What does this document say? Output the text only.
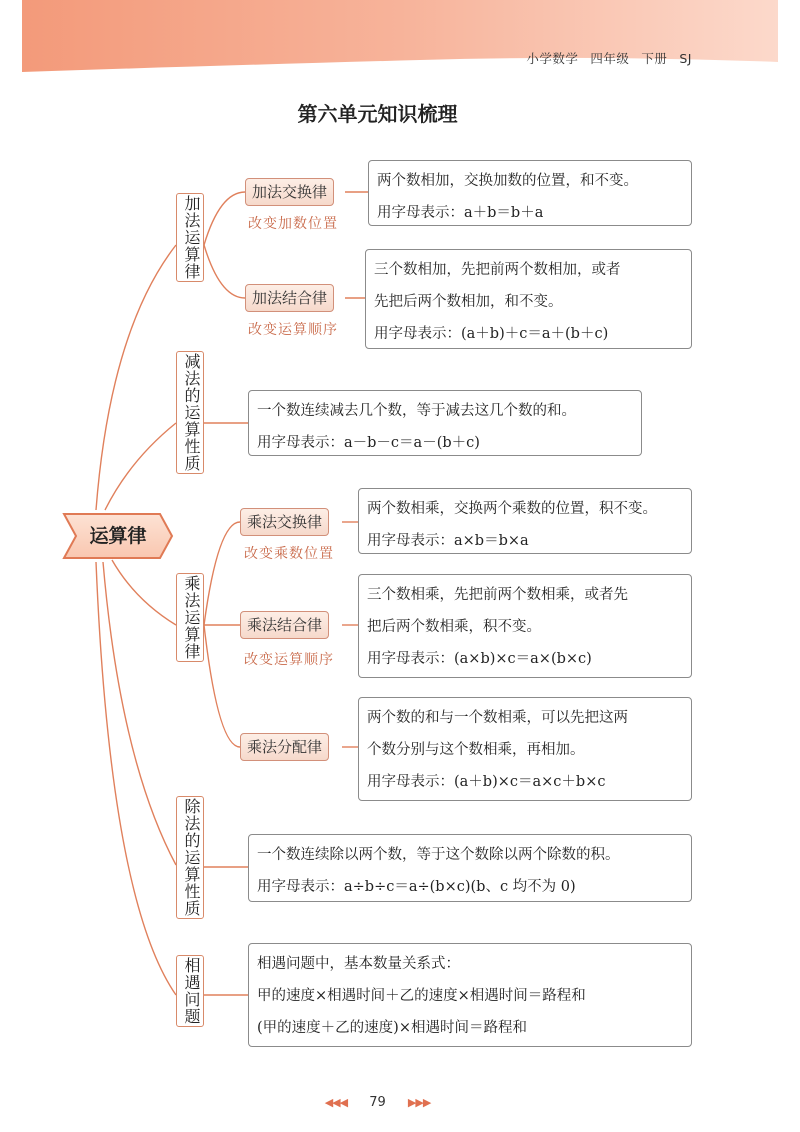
小学数学 四年级 下册 SJ
第六单元知识梳理
运算律
加法运算律
减法的运算性质
乘法运算律
除法的运算性质
相遇问题
加法交换律
改变加数位置
加法结合律
改变运算顺序
乘法交换律
改变乘数位置
乘法结合律
改变运算顺序
乘法分配律
两个数相加，交换加数的位置，和不变。
用字母表示：a＋b＝b＋a
三个数相加，先把前两个数相加，或者
先把后两个数相加，和不变。
用字母表示：(a＋b)＋c＝a＋(b＋c)
一个数连续减去几个数，等于减去这几个数的和。
用字母表示：a－b－c＝a－(b＋c)
两个数相乘，交换两个乘数的位置，积不变。
用字母表示：a×b＝b×a
三个数相乘，先把前两个数相乘，或者先
把后两个数相乘，积不变。
用字母表示：(a×b)×c＝a×(b×c)
两个数的和与一个数相乘，可以先把这两
个数分别与这个数相乘，再相加。
用字母表示：(a＋b)×c＝a×c＋b×c
一个数连续除以两个数，等于这个数除以两个除数的积。
用字母表示：a÷b÷c＝a÷(b×c)(b、c 均不为 0)
相遇问题中，基本数量关系式：
甲的速度×相遇时间＋乙的速度×相遇时间＝路程和
(甲的速度＋乙的速度)×相遇时间＝路程和
◀◀◀ 79 ▶▶▶
